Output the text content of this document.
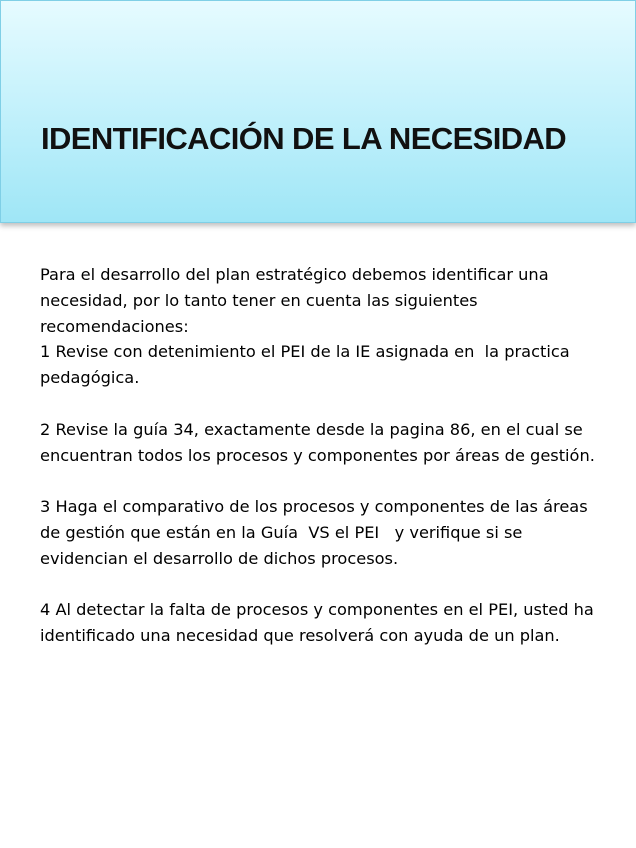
IDENTIFICACIÓN DE LA NECESIDAD

Para el desarrollo del plan estratégico debemos identificar una necesidad, por lo tanto tener en cuenta las siguientes recomendaciones:

1 Revise con detenimiento el PEI de la IE asignada en  la practica pedagógica.

2 Revise la guía 34, exactamente desde la pagina 86, en el cual se encuentran todos los procesos y componentes por áreas de gestión.

3 Haga el comparativo de los procesos y componentes de las áreas de gestión que están en la Guía  VS el PEI   y verifique si se evidencian el desarrollo de dichos procesos.

4 Al detectar la falta de procesos y componentes en el PEI, usted ha identificado una necesidad que resolverá con ayuda de un plan.
